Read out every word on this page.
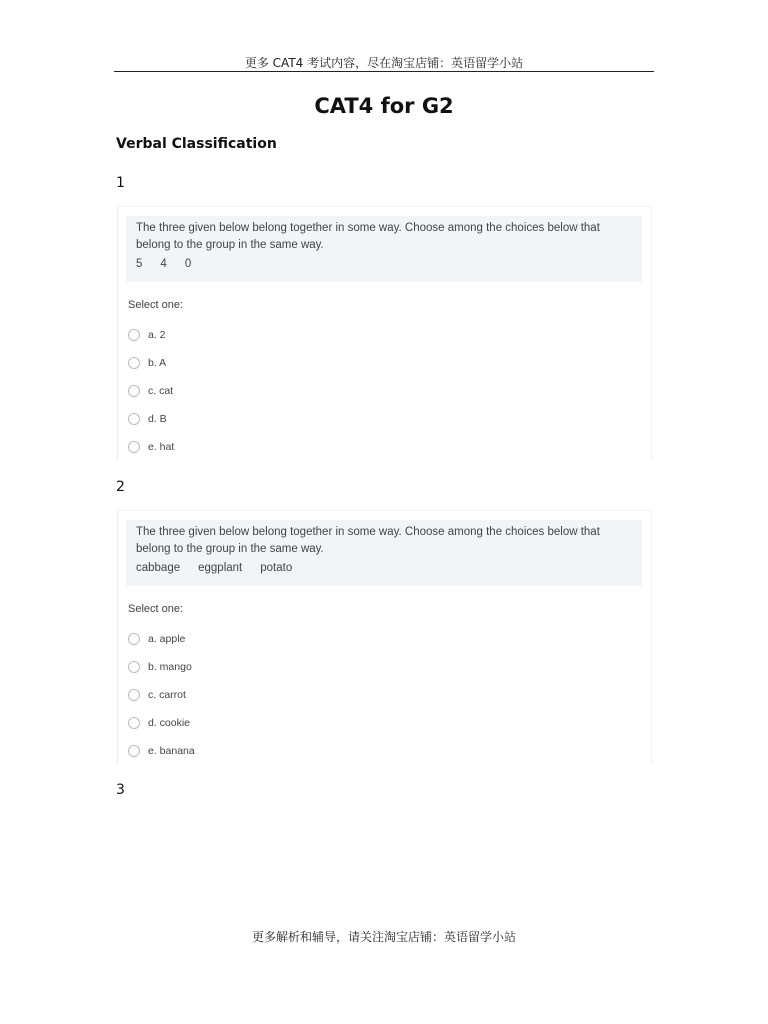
更多 CAT4 考试内容，尽在淘宝店铺：英语留学小站
CAT4 for G2
Verbal Classification
1

The three given below belong together in some way. Choose among the choices below that belong to the group in the same way.

5 4 0
Select one:
a. 2
b. A
c. cat
d. B
e. hat
2

The three given below belong together in some way. Choose among the choices below that belong to the group in the same way.

cabbage eggplant potato
Select one:
a. apple
b. mango
c. carrot
d. cookie
e. banana
3
更多解析和辅导，请关注淘宝店铺：英语留学小站
